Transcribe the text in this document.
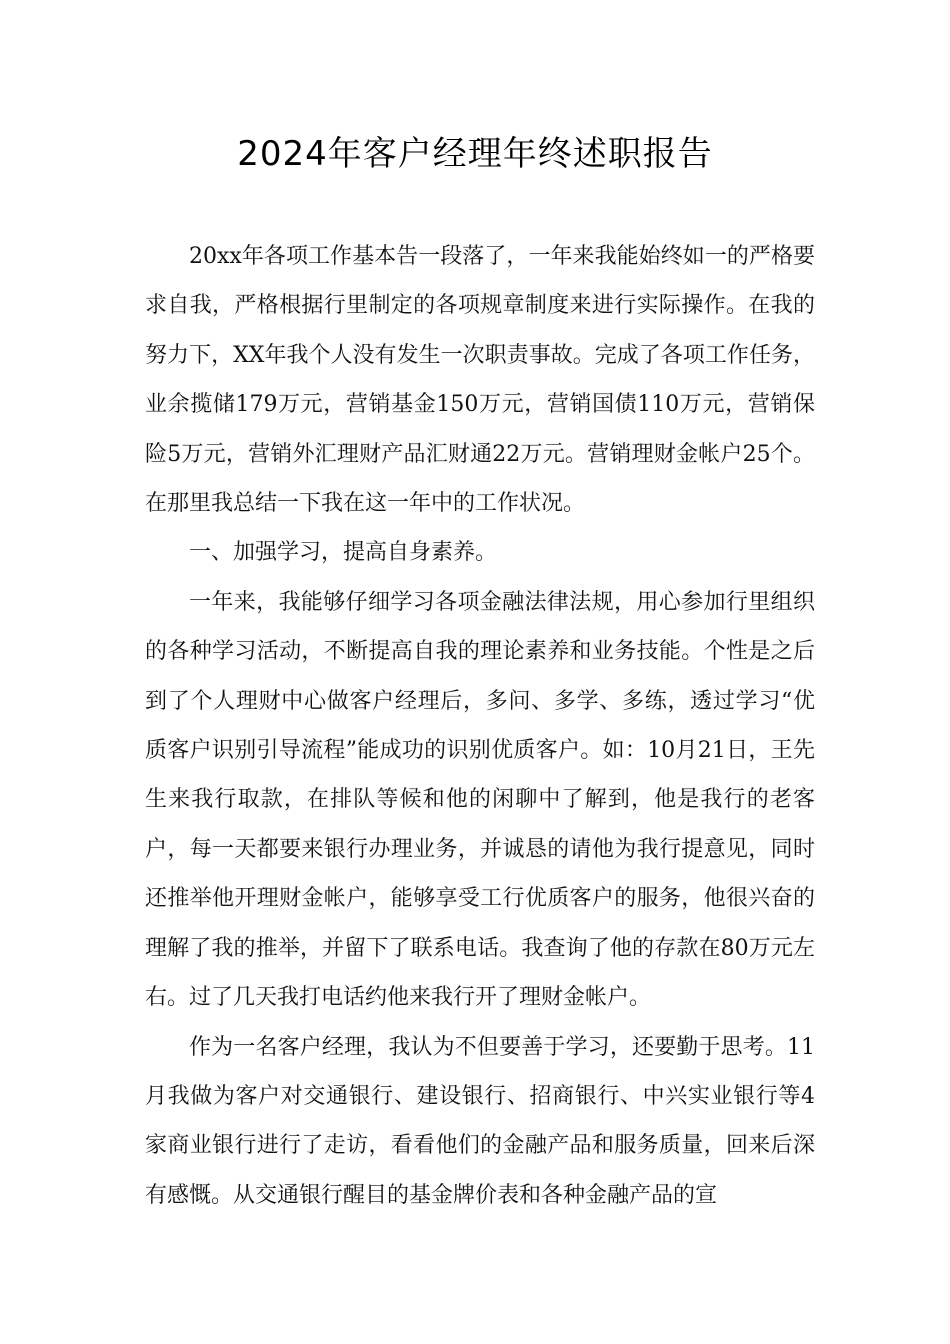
2024年客户经理年终述职报告

20xx年各项工作基本告一段落了，一年来我能始终如一的严格要求自我，严格根据行里制定的各项规章制度来进行实际操作。在我的努力下，XX年我个人没有发生一次职责事故。完成了各项工作任务，业余揽储179万元，营销基金150万元，营销国债110万元，营销保险5万元，营销外汇理财产品汇财通22万元。营销理财金帐户25个。在那里我总结一下我在这一年中的工作状况。

一、加强学习，提高自身素养。

一年来，我能够仔细学习各项金融法律法规，用心参加行里组织的各种学习活动，不断提高自我的理论素养和业务技能。个性是之后到了个人理财中心做客户经理后，多问、多学、多练，透过学习“优质客户识别引导流程”能成功的识别优质客户。如：10月21日，王先生来我行取款，在排队等候和他的闲聊中了解到，他是我行的老客户，每一天都要来银行办理业务，并诚恳的请他为我行提意见，同时还推举他开理财金帐户，能够享受工行优质客户的服务，他很兴奋的理解了我的推举，并留下了联系电话。我查询了他的存款在80万元左右。过了几天我打电话约他来我行开了理财金帐户。

作为一名客户经理，我认为不但要善于学习，还要勤于思考。11月我做为客户对交通银行、建设银行、招商银行、中兴实业银行等4家商业银行进行了走访，看看他们的金融产品和服务质量，回来后深有感慨。从交通银行醒目的基金牌价表和各种金融产品的宣
